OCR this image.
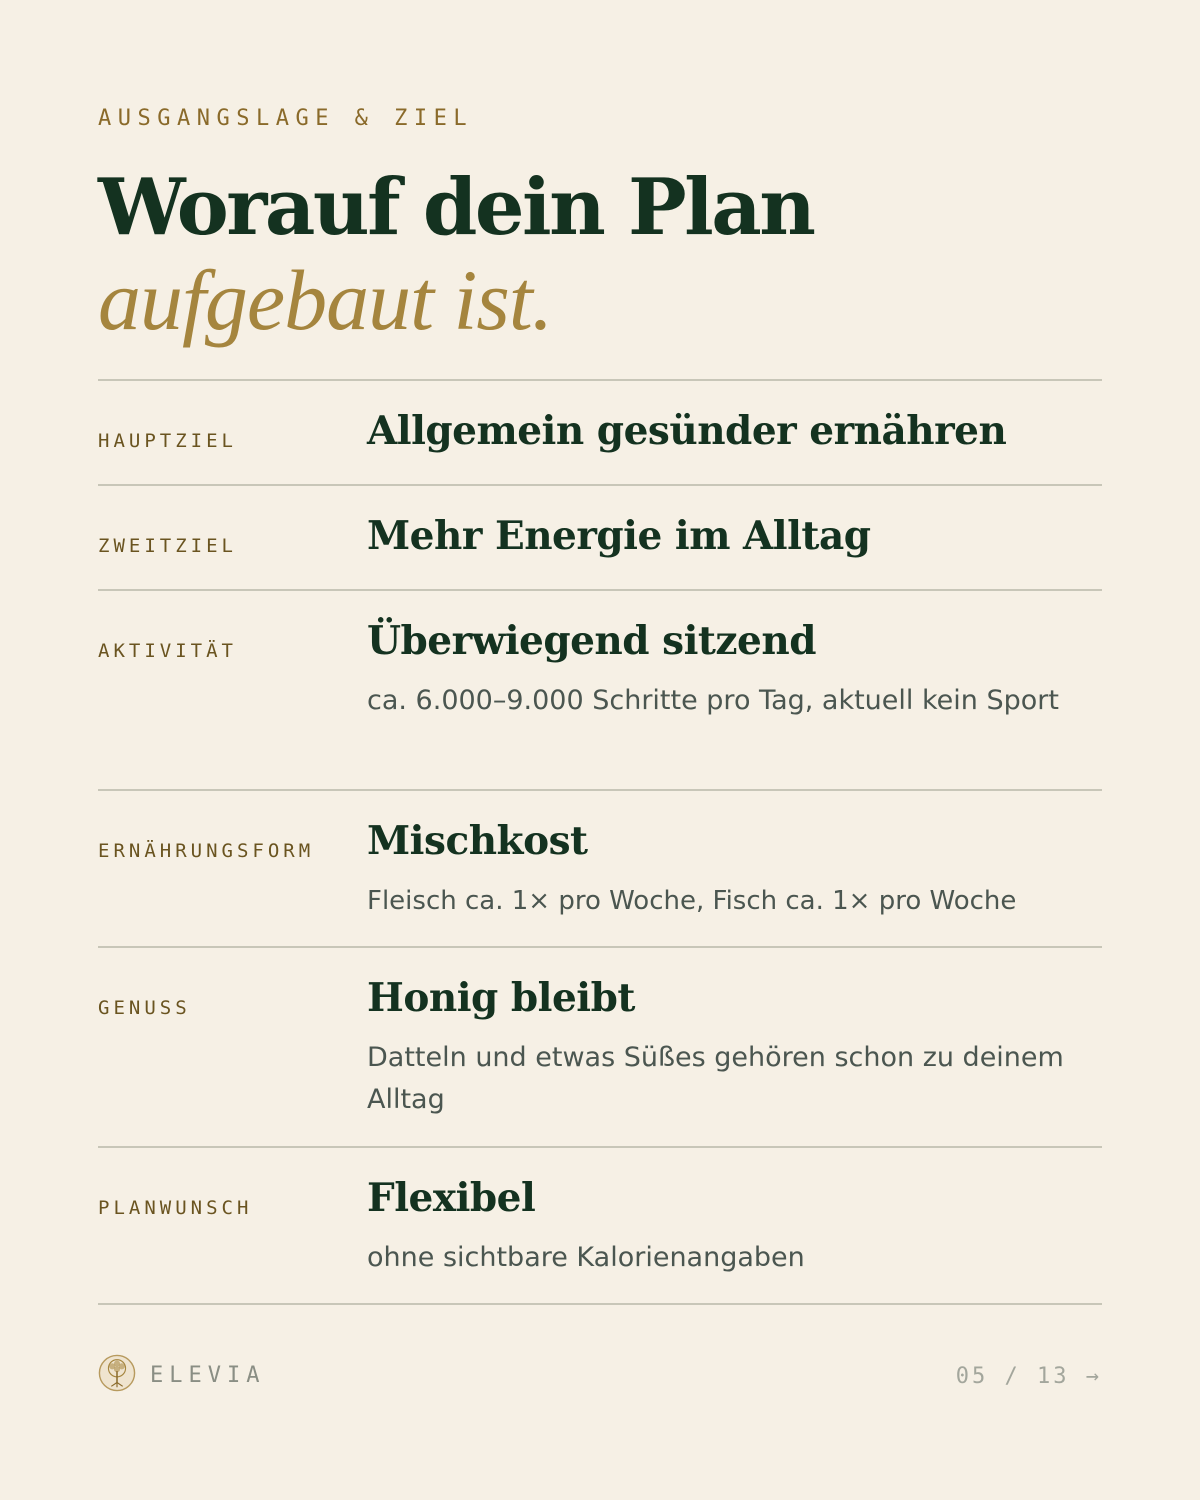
AUSGANGSLAGE & ZIEL
Worauf dein Plan
aufgebaut ist.
HAUPTZIEL	Allgemein gesünder ernähren
ZWEITZIEL	Mehr Energie im Alltag
AKTIVITÄT	Überwiegend sitzend
ca. 6.000–9.000 Schritte pro Tag, aktuell kein Sport
ERNÄHRUNGSFORM Mischkost
Fleisch ca. 1× pro Woche, Fisch ca. 1× pro Woche
GENUSS	Honig bleibt
Datteln und etwas Süßes gehören schon zu deinem Alltag
PLANWUNSCH	Flexibel
ohne sichtbare Kalorienangaben
ELEVIA	05 / 13 →
